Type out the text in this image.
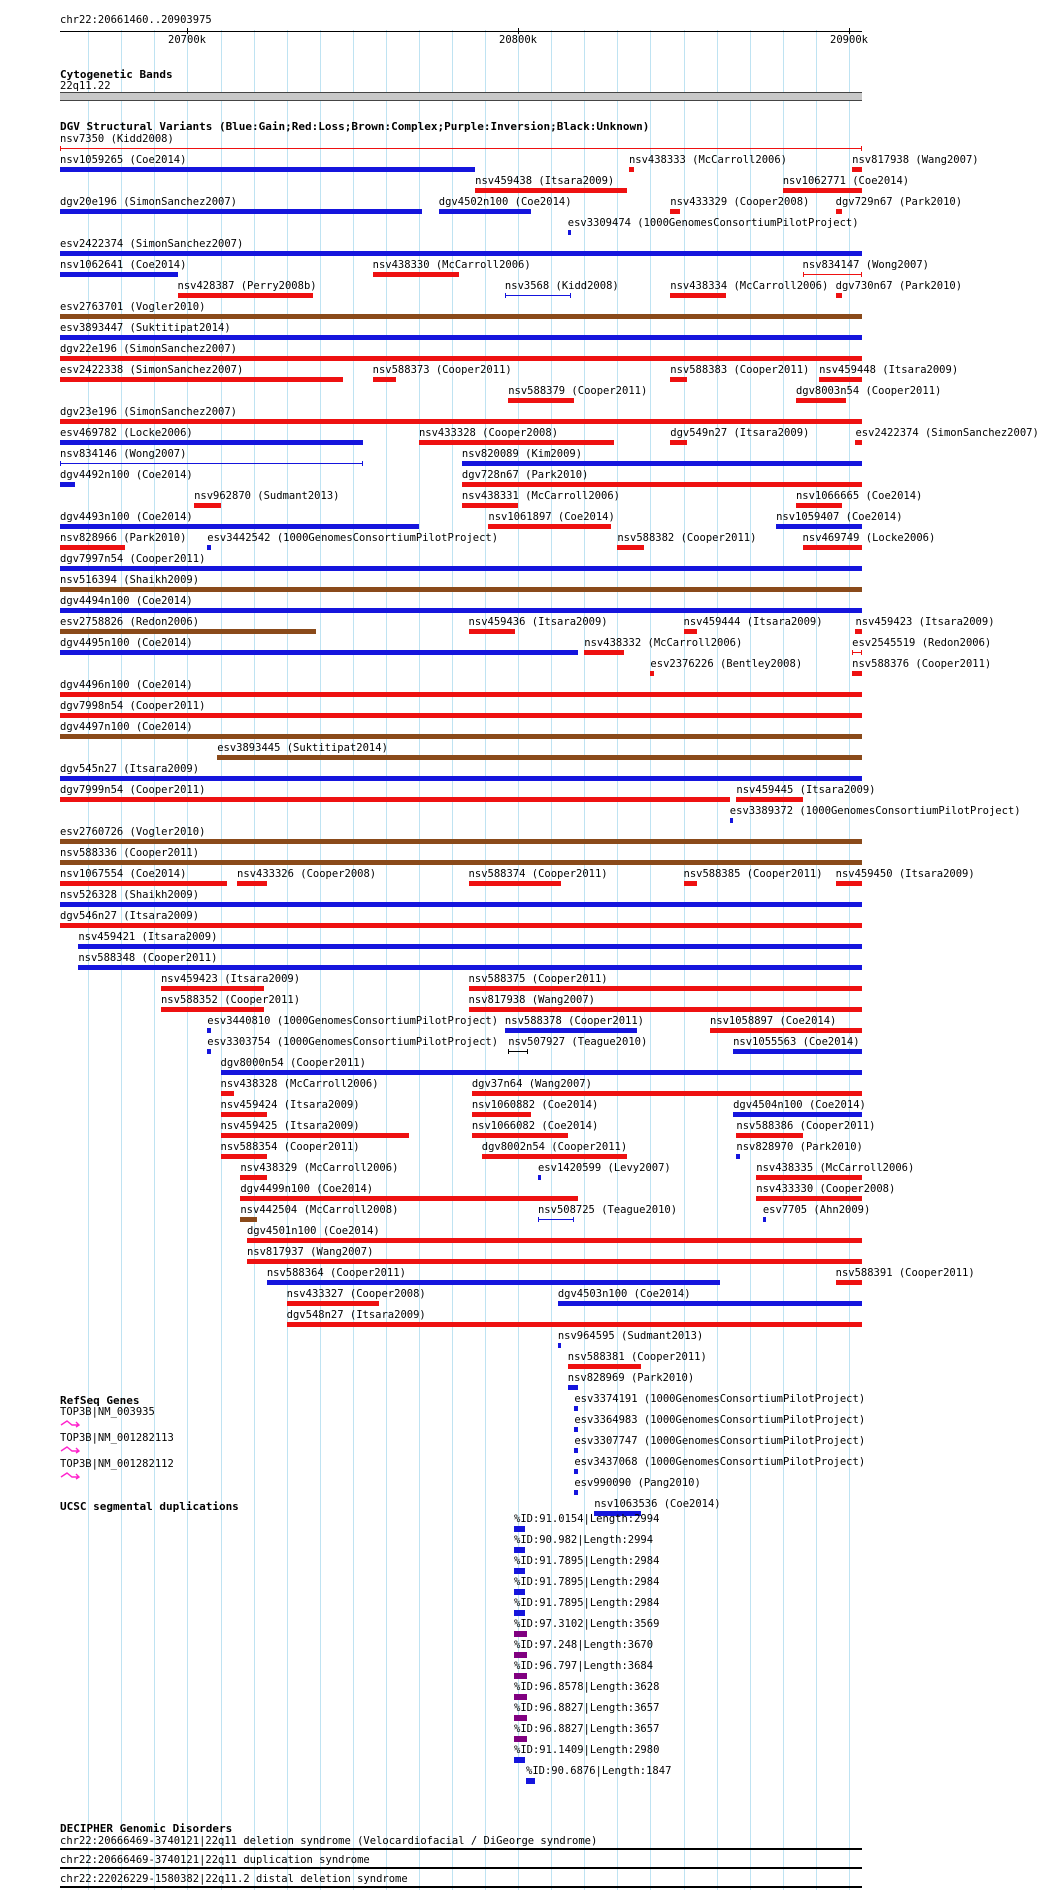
chr22:20661460..20903975
20700k	20800k	20900k
Cytogenetic Bands
22q11.22
DGV Structural Variants (Blue:Gain;Red:Loss;Brown:Complex;Purple:Inversion;Black:Unknown)
nsv7350 (Kidd2008)
nsv1059265 (Coe2014)
nsv459438 (Itsara2009)
nsv438333 (McCarroll2006)
nsv1062771 (Coe2014)
dgv20e196 (SimonSanchez2007)	dgv4502n100 (Coe2014)
esv3309474 (1000GenomesConsortiumPilotProject)
nsv817938 (Wang2007)
esv2422374 (SimonSanchez2007)
nsv1062641 (Coe2014)
nsv428387 (Perry2008b)
nsv438330 (McCarroll2006)
nsv3568 (Kidd2008)
nsv433329 (Cooper2008)
nsv834147 (Wong2007)
esv2763701 (Vogler2010)
esv3893447 (Suktitipat2014)
dgv22e196 (SimonSanchez2007)
esv2422338 (SimonSanchez2007)	nsv588373 (Cooper2011)
nsv588379 (Cooper2011)
nsv438334 (McCarroll2006)
dgv729n67 (Park2010)
dgv23e196 (SimonSanchez2007)
esv469782 (Locke2006)	nsv433328 (Cooper2008)
nsv588383 (Cooper2011)
dgv8003n54 (Cooper2011)
nsv834146 (Wong2007)	nsv820089 (Kim2009)
dgv4492n100 (Coe2014)
nsv962870 (Sudmant2013)
dgv728n67 (Park2010)
dgv4493n100 (Coe2014)
nsv438331 (McCarroll2006)
dgv549n27 (Itsara2009)
nsv1066665 (Coe2014)
nsv828966 (Park2010) esv3442542 (1000GenomesConsortiumPilotProject)
nsv1061897 (Coe2014)
nsv588382 (Cooper2011)
nsv1059407 (Coe2014)
dgv7997n54 (Cooper2011)
nsv516394 (Shaikh2009)
dgv4494n100 (Coe2014)
esv2758826 (Redon2006)	nsv459436 (Itsara2009)	nsv459444 (Itsara2009)
nsv459448 (Itsara2009)
dgv4495n100 (Coe2014)	nsv438332 (McCarroll2006)
esv2376226 (Bentley2008)
dgv4496n100 (Coe2014)
dgv7998n54 (Cooper2011)
dgv4497n100 (Coe2014)
esv3893445 (Suktitipat2014)
dgv545n27 (Itsara2009)
dgv7999n54 (Cooper2011)
esv3389372 (1000GenomesConsortiumPilotProject)
esv2760726 (Vogler2010)
nsv588336 (Cooper2011)
nsv1067554 (Coe2014)	nsv433326 (Cooper2008)	nsv588374 (Cooper2011)	nsv588385 (Cooper2011)
dgv730n67 (Park2010)
nsv526328 (Shaikh2009)
dgv546n27 (Itsara2009)
nsv459421 (Itsara2009)
nsv588348 (Cooper2011)
nsv459423 (Itsara2009)	nsv588375 (Cooper2011)
nsv588352 (Cooper2011)	nsv817938 (Wang2007)
nsv469749 (Locke2006)
esv3440810 (1000GenomesConsortiumPilotProject) nsv588378 (Cooper2011)	nsv1058897 (Coe2014)
esv3303754 (1000GenomesConsortiumPilotProject) nsv507927 (Teague2010)	nsv1055563 (Coe2014)
dgv8000n54 (Cooper2011)
nsv438328 (McCarroll2006)	dgv37n64 (Wang2007)
nsv459424 (Itsara2009)	nsv1060882 (Coe2014)	dgv4504n100 (Coe2014)
nsv459425 (Itsara2009)	nsv1066082 (Coe2014)
nsv459445 (Itsara2009)
esv2422374 (SimonSanchez2007)
nsv588354 (Cooper2011)	dgv8002n54 (Cooper2011)
nsv588386 (Cooper2011)
nsv459423 (Itsara2009)
nsv438329 (McCarroll2006)	esv1420599 (Levy2007)
nsv828970 (Park2010)
esv2545519 (Redon2006)
dgv4499n100 (Coe2014)
nsv438335 (McCarroll2006)
nsv442504 (McCarroll2008)	nsv508725 (Teague2010)
nsv433330 (Cooper2008)
dgv4501n100 (Coe2014)
nsv817937 (Wang2007)
nsv588364 (Cooper2011)
esv7705 (Ahn2009)
nsv588376 (Cooper2011)
nsv433327 (Cooper2008)	dgv4503n100 (Coe2014)
dgv548n27 (Itsara2009)
nsv964595 (Sudmant2013)
nsv459450 (Itsara2009)
nsv588381 (Cooper2011)
nsv588391 (Cooper2011)
nsv828969 (Park2010)
esv3374191 (1000GenomesConsortiumPilotProject)
esv3364983 (1000GenomesConsortiumPilotProject)
esv3307747 (1000GenomesConsortiumPilotProject)
esv3437068 (1000GenomesConsortiumPilotProject)
esv990090 (Pang2010)
nsv1063536 (Coe2014)
RefSeq Genes
TOP3B|NM_003935
TOP3B|NM_001282113
TOP3B|NM_001282112
UCSC segmental duplications
%ID:91.0154|Length:2994
%ID:90.982|Length:2994
%ID:91.7895|Length:2984
%ID:91.7895|Length:2984
%ID:91.7895|Length:2984
%ID:97.3102|Length:3569
%ID:97.248|Length:3670
%ID:96.797|Length:3684
%ID:96.8578|Length:3628
%ID:96.8827|Length:3657
%ID:96.8827|Length:3657
%ID:91.1409|Length:2980
%ID:90.6876|Length:1847
DECIPHER Genomic Disorders
chr22:20666469-3740121|22q11 deletion syndrome (Velocardiofacial / DiGeorge syndrome)
chr22:20666469-3740121|22q11 duplication syndrome
chr22:22026229-1580382|22q11.2 distal deletion syndrome
